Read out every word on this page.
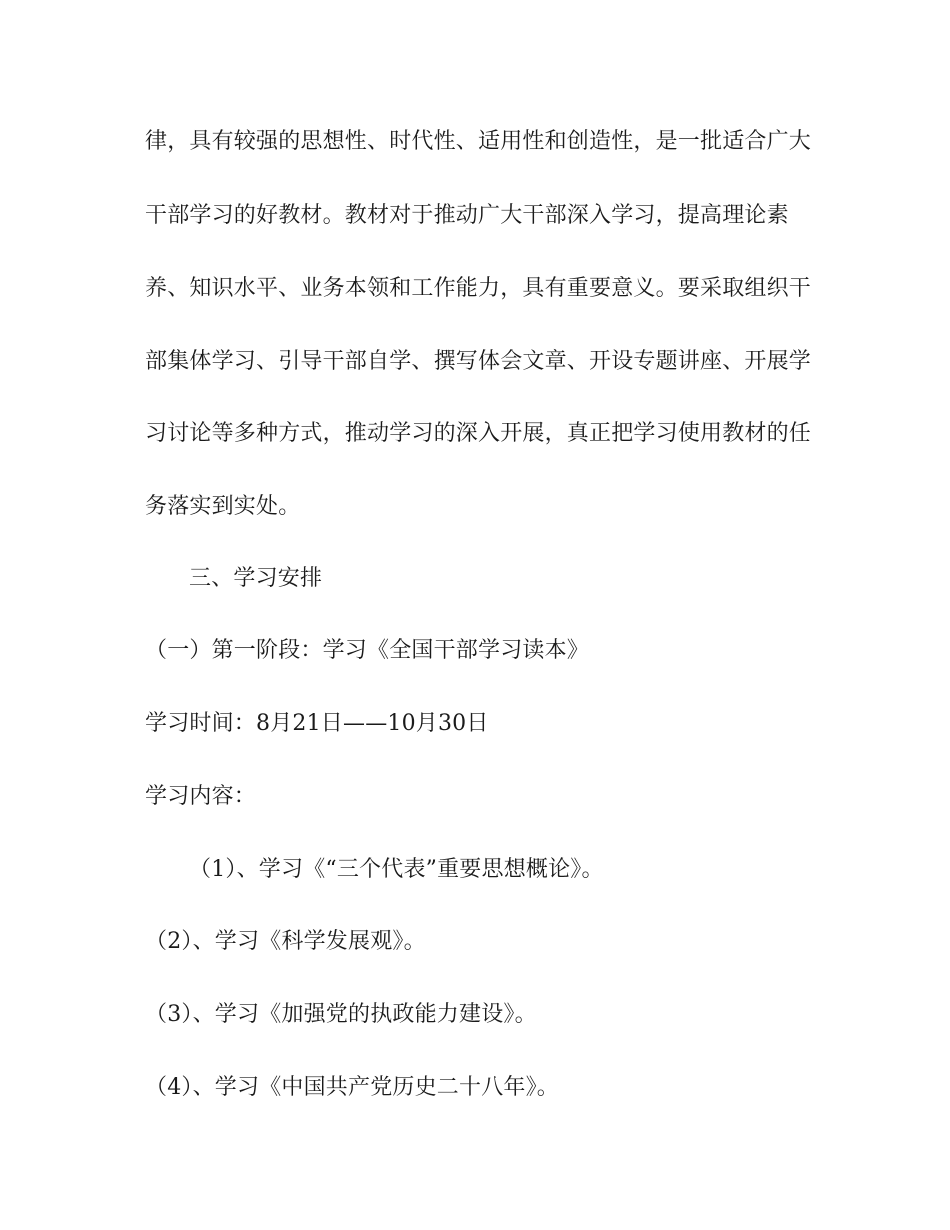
律，具有较强的思想性、时代性、适用性和创造性，是一批适合广大

干部学习的好教材。教材对于推动广大干部深入学习，提高理论素

养、知识水平、业务本领和工作能力，具有重要意义。要采取组织干

部集体学习、引导干部自学、撰写体会文章、开设专题讲座、开展学

习讨论等多种方式，推动学习的深入开展，真正把学习使用教材的任

务落实到实处。

三、学习安排

（一）第一阶段：学习《全国干部学习读本》

学习时间：8月21日——10月30日

学习内容：

（1）、学习《“三个代表”重要思想概论》。

（2）、学习《科学发展观》。

（3）、学习《加强党的执政能力建设》。

（4）、学习《中国共产党历史二十八年》。
